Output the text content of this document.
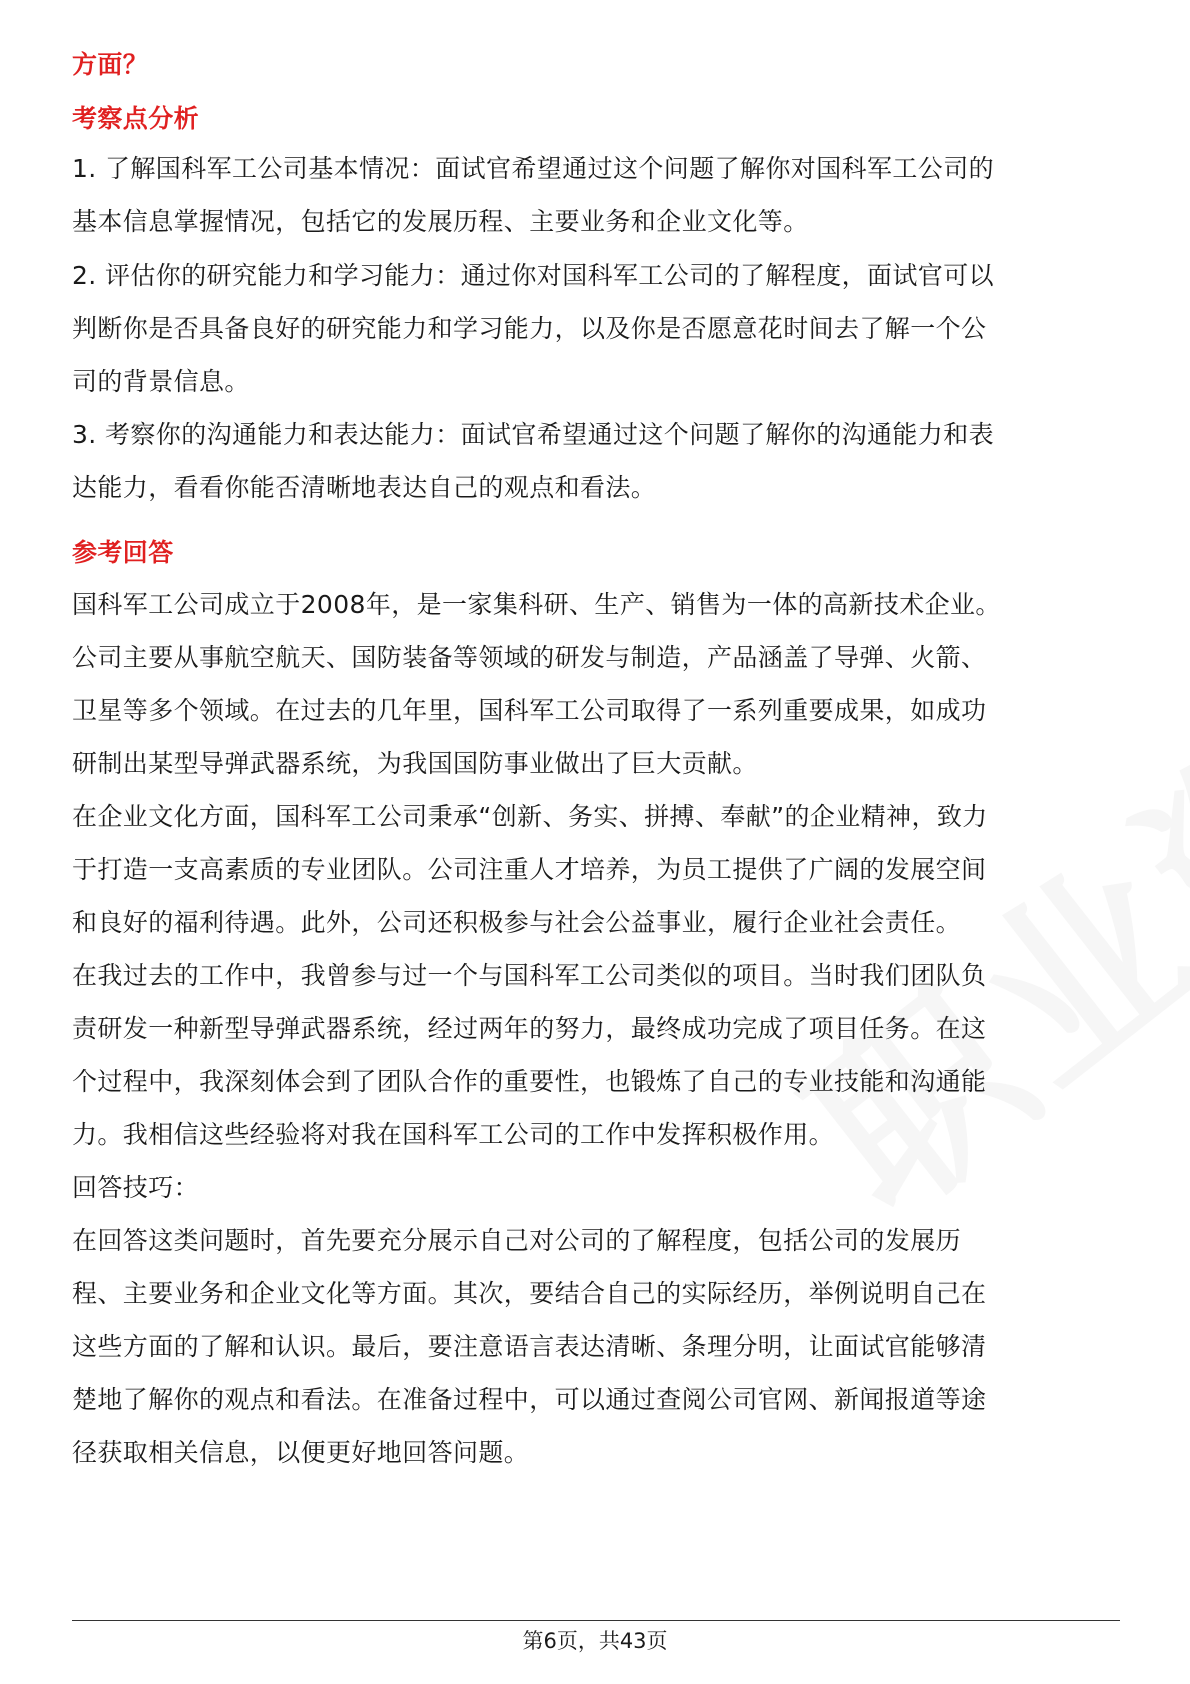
方面？
考察点分析
1. 了解国科军工公司基本情况：面试官希望通过这个问题了解你对国科军工公司的
基本信息掌握情况，包括它的发展历程、主要业务和企业文化等。
2. 评估你的研究能力和学习能力：通过你对国科军工公司的了解程度，面试官可以
判断你是否具备良好的研究能力和学习能力，以及你是否愿意花时间去了解一个公
司的背景信息。
3. 考察你的沟通能力和表达能力：面试官希望通过这个问题了解你的沟通能力和表
达能力，看看你能否清晰地表达自己的观点和看法。
参考回答
国科军工公司成立于2008年，是一家集科研、生产、销售为一体的高新技术企业。
公司主要从事航空航天、国防装备等领域的研发与制造，产品涵盖了导弹、火箭、
卫星等多个领域。在过去的几年里，国科军工公司取得了一系列重要成果，如成功
研制出某型导弹武器系统，为我国国防事业做出了巨大贡献。
在企业文化方面，国科军工公司秉承“创新、务实、拼搏、奉献”的企业精神，致力
于打造一支高素质的专业团队。公司注重人才培养，为员工提供了广阔的发展空间
和良好的福利待遇。此外，公司还积极参与社会公益事业，履行企业社会责任。
在我过去的工作中，我曾参与过一个与国科军工公司类似的项目。当时我们团队负
责研发一种新型导弹武器系统，经过两年的努力，最终成功完成了项目任务。在这
个过程中，我深刻体会到了团队合作的重要性，也锻炼了自己的专业技能和沟通能
力。我相信这些经验将对我在国科军工公司的工作中发挥积极作用。
回答技巧：
在回答这类问题时，首先要充分展示自己对公司的了解程度，包括公司的发展历
程、主要业务和企业文化等方面。其次，要结合自己的实际经历，举例说明自己在
这些方面的了解和认识。最后，要注意语言表达清晰、条理分明，让面试官能够清
楚地了解你的观点和看法。在准备过程中，可以通过查阅公司官网、新闻报道等途
径获取相关信息，以便更好地回答问题。
第6页，共43页
